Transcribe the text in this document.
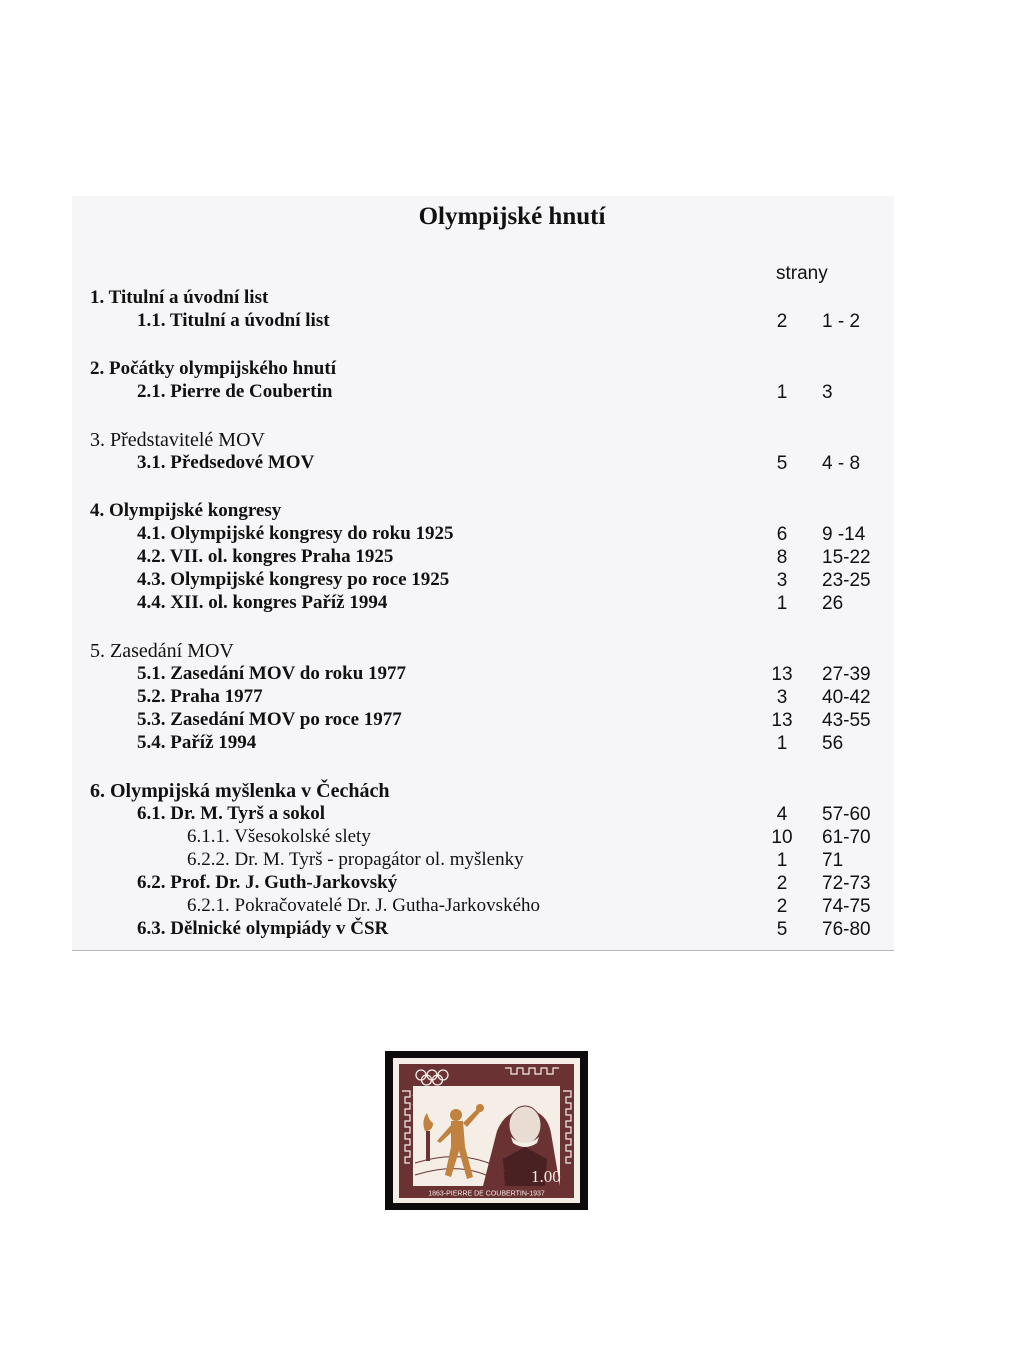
Olympijské hnutí
strany
1. Titulní a úvodní list
1.1. Titulní a úvodní list	2	1 - 2
2. Počátky olympijského hnutí
2.1. Pierre de Coubertin	1	3
3. Představitelé MOV
3.1. Předsedové MOV	5	4 - 8
4. Olympijské kongresy
4.1. Olympijské kongresy do roku 1925	6	9 -14
4.2. VII. ol. kongres Praha 1925	8	15-22
4.3. Olympijské kongresy po roce 1925	3	23-25
4.4. XII. ol. kongres Paříž 1994	1	26
5. Zasedání MOV
5.1. Zasedání MOV do roku 1977	13	27-39
5.2. Praha 1977	3	40-42
5.3. Zasedání MOV po roce 1977	13	43-55
5.4. Paříž 1994	1	56
6. Olympijská myšlenka v Čechách
6.1. Dr. M. Tyrš a sokol	4	57-60
6.1.1. Všesokolské slety	10	61-70
6.2.2. Dr. M. Tyrš - propagátor ol. myšlenky	1	71
6.2. Prof. Dr. J. Guth-Jarkovský	2	72-73
6.2.1. Pokračovatelé Dr. J. Gutha-Jarkovského	2	74-75
6.3. Dělnické olympiády v ČSR	5	76-80
MONACO	1963
1.00
1863-PIERRE DE COUBERTIN-1937
